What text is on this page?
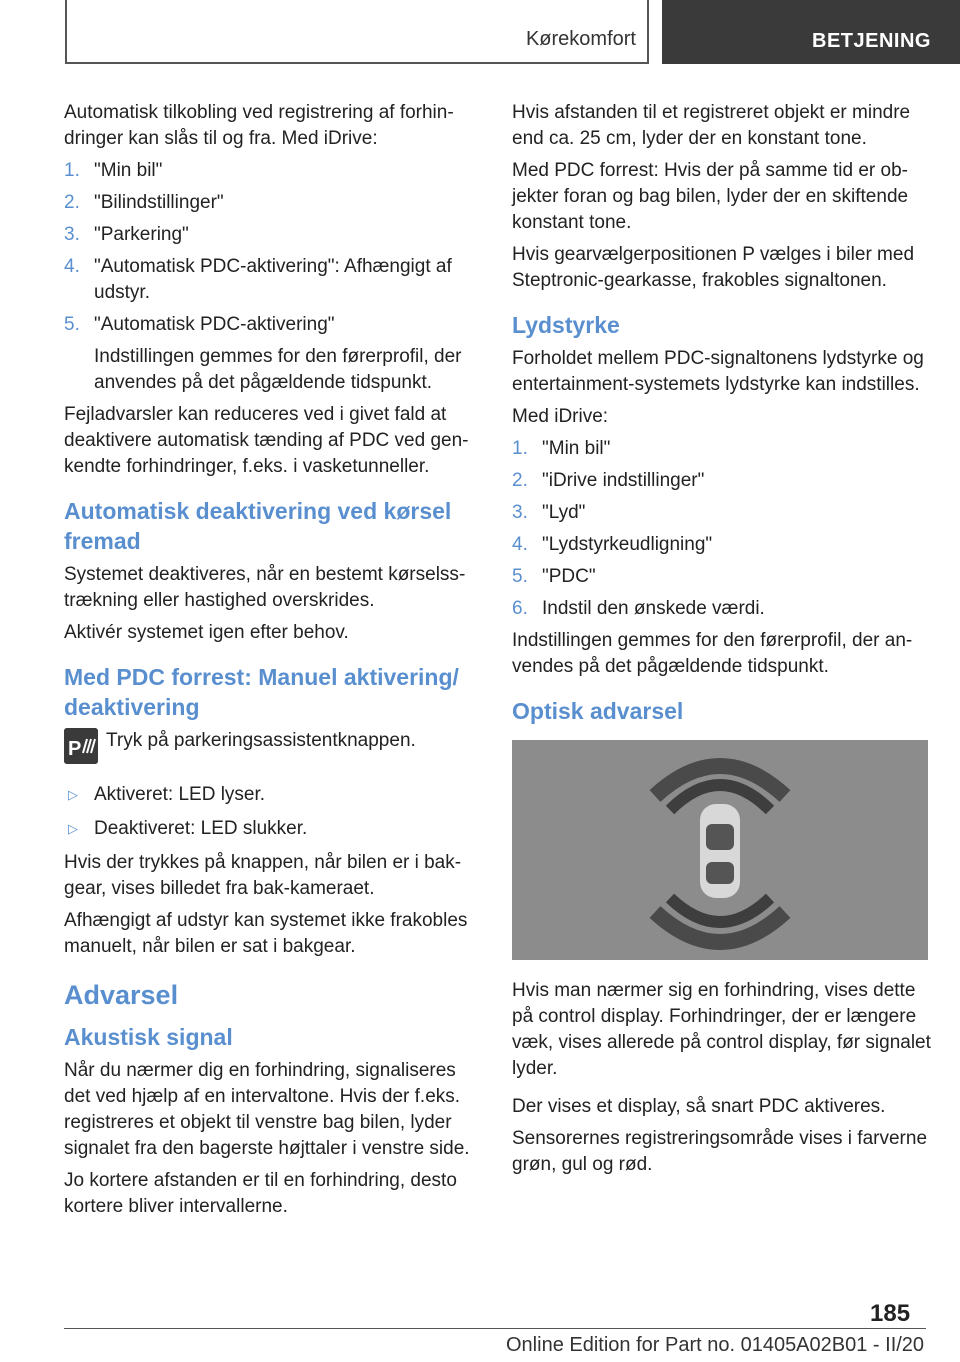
Kørekomfort	BETJENING

Automatisk tilkobling ved registrering af forhindringer kan slås til og fra. Med iDrive:

1. "Min bil"
2. "Bilindstillinger"
3. "Parkering"
4. "Automatisk PDC-aktivering": Afhængigt af udstyr.
5. "Automatisk PDC-aktivering"
Indstillingen gemmes for den førerprofil, der anvendes på det pågældende tidspunkt.

Fejladvarsler kan reduceres ved i givet fald at deaktivere automatisk tænding af PDC ved genkendte forhindringer, f.eks. i vasketunneller.

Automatisk deaktivering ved kørsel fremad

Systemet deaktiveres, når en bestemt kørselsstrækning eller hastighed overskrides.

Aktivér systemet igen efter behov.

Med PDC forrest: Manuel aktivering/ deaktivering
P Tryk på parkeringsassistentknappen.
▷ Aktiveret: LED lyser.
▷ Deaktiveret: LED slukker.

Hvis der trykkes på knappen, når bilen er i bakgear, vises billedet fra bak-kameraet.

Afhængigt af udstyr kan systemet ikke frakobles manuelt, når bilen er sat i bakgear.

Advarsel
Akustisk signal

Når du nærmer dig en forhindring, signaliseres det ved hjælp af en intervaltone. Hvis der f.eks. registreres et objekt til venstre bag bilen, lyder signalet fra den bagerste højttaler i venstre side.

Jo kortere afstanden er til en forhindring, desto kortere bliver intervallerne.

Hvis afstanden til et registreret objekt er mindre end ca. 25 cm, lyder der en konstant tone.

Med PDC forrest: Hvis der på samme tid er objekter foran og bag bilen, lyder der en skiftende konstant tone.

Hvis gearvælgerpositionen P vælges i biler med Steptronic-gearkasse, frakobles signaltonen.

Lydstyrke

Forholdet mellem PDC-signaltonens lydstyrke og entertainment-systemets lydstyrke kan indstilles.

Med iDrive:

1. "Min bil"
2. "iDrive indstillinger"
3. "Lyd"
4. "Lydstyrkeudligning"
5. "PDC"
6. Indstil den ønskede værdi.

Indstillingen gemmes for den førerprofil, der anvendes på det pågældende tidspunkt.

Optisk advarsel

Hvis man nærmer sig en forhindring, vises dette på control display. Forhindringer, der er længere væk, vises allerede på control display, før signalet lyder.

Der vises et display, så snart PDC aktiveres.

Sensorernes registreringsområde vises i farverne grøn, gul og rød.

185
Online Edition for Part no. 01405A02B01 - II/20
